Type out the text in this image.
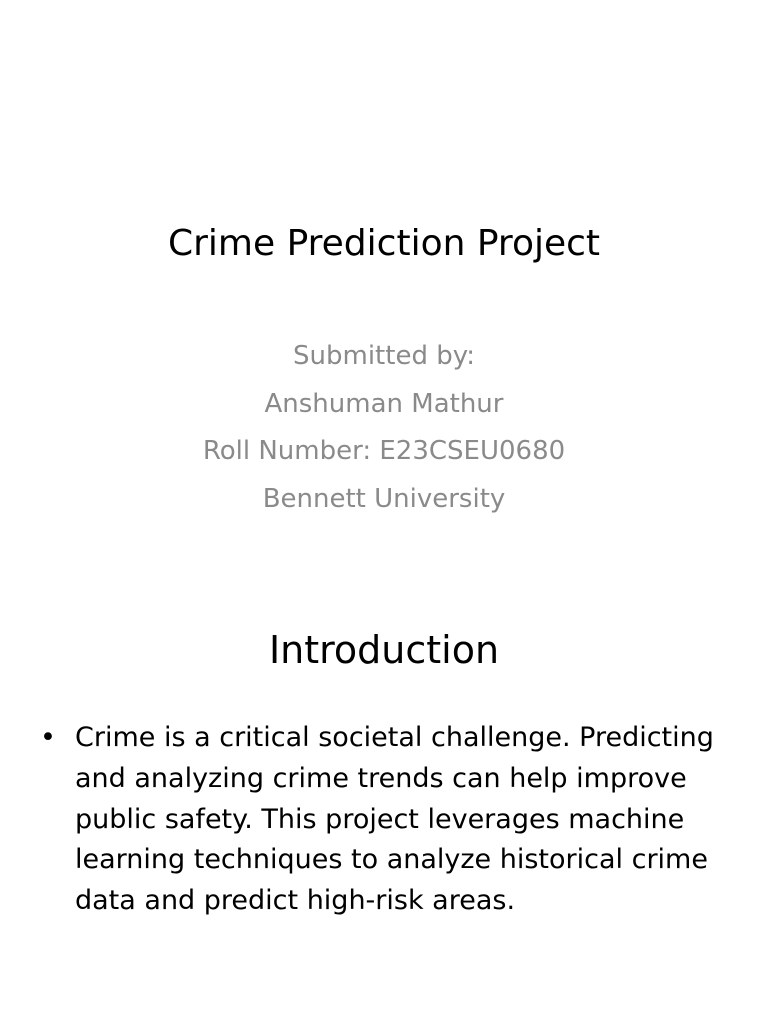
Crime Prediction Project
Submitted by:
Anshuman Mathur
Roll Number: E23CSEU0680
Bennett University
Introduction
• Crime is a critical societal challenge. Predicting and analyzing crime trends can help improve public safety. This project leverages machine learning techniques to analyze historical crime data and predict high-risk areas.
